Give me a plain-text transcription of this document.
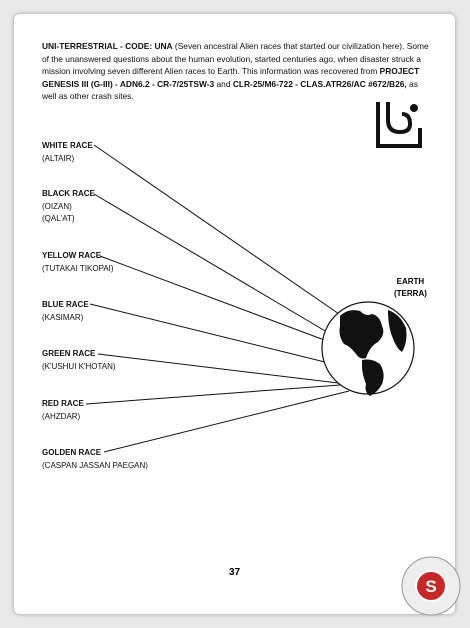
UNI-TERRESTRIAL - CODE: UNA (Seven ancestral Alien races that started our civilization here). Some of the unanswered questions about the human evolution, started centuries ago, when disaster struck a mission involving seven different Alien races to Earth. This information was recovered from PROJECT GENESIS III (G-III) - ADN6.2 - CR-7/25TSW-3 and CLR-25/M6-722 - CLAS.ATR26/AC #672/B26, as well as other crash sites.

WHITE RACE
(ALTAIR)
BLACK RACE
(OIZAN)
(QAL'AT)
YELLOW RACE
(TUTAKAI TIKOPAI)
BLUE RACE
(KASIMAR)
GREEN RACE
(K'USHUI K'HOTAN)
RED RACE
(AHZDAR)
GOLDEN RACE
(CASPAN JASSAN PAEGAN)
EARTH
(TERRA)
37
S
